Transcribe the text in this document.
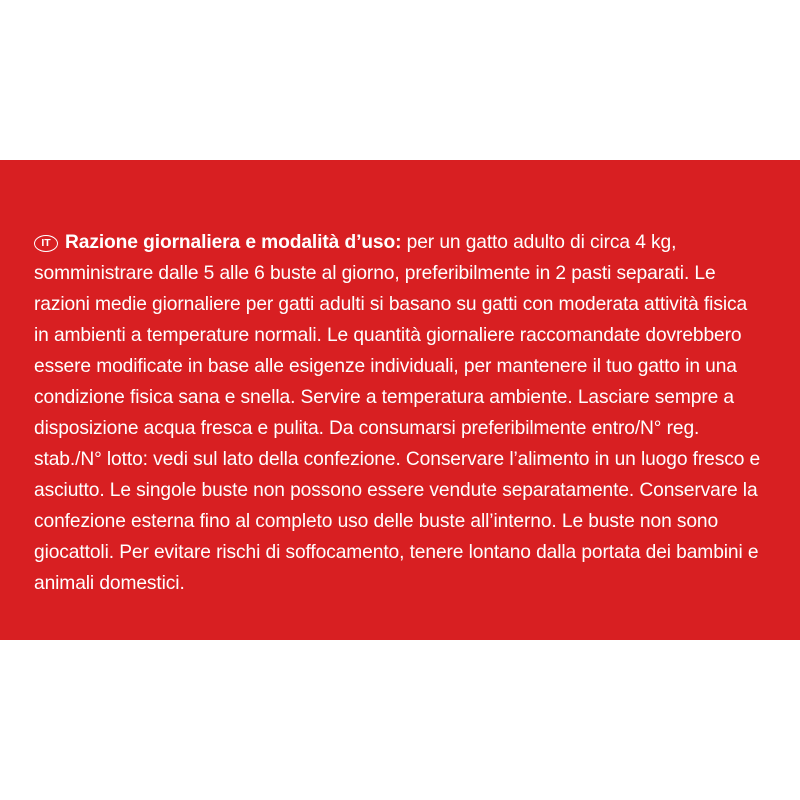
IT Razione giornaliera e modalità d’uso: per un gatto adulto di circa 4 kg, somministrare dalle 5 alle 6 buste al giorno, preferibilmente in 2 pasti separati. Le razioni medie giornaliere per gatti adulti si basano su gatti con moderata attività fisica in ambienti a temperature normali. Le quantità giornaliere raccomandate dovrebbero essere modificate in base alle esigenze individuali, per mantenere il tuo gatto in una condizione fisica sana e snella. Servire a temperatura ambiente. Lasciare sempre a disposizione acqua fresca e pulita. Da consumarsi preferibilmente entro/N° reg. stab./N° lotto: vedi sul lato della confezione. Conservare l’alimento in un luogo fresco e asciutto. Le singole buste non possono essere vendute separatamente. Conservare la confezione esterna fino al completo uso delle buste all’interno. Le buste non sono giocattoli. Per evitare rischi di soffocamento, tenere lontano dalla portata dei bambini e animali domestici.
